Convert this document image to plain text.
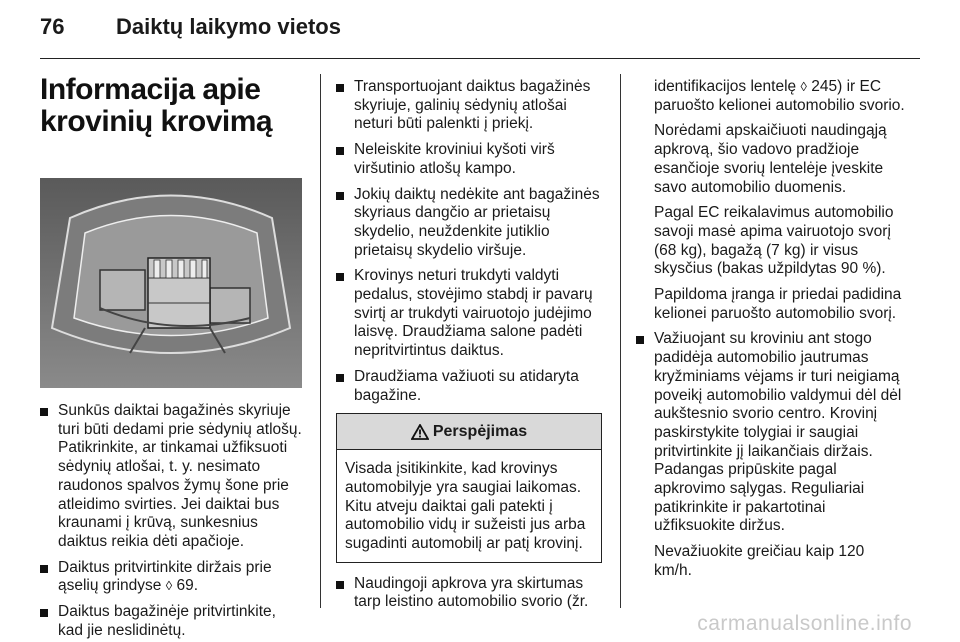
76	Daiktų laikymo vietos
Informacija apie
krovinių krovimą
Sunkūs daiktai bagažinės skyriuje turi būti dedami prie sėdynių atlošų. Patikrinkite, ar tinkamai užfiksuoti sėdynių atlošai, t. y. nesimato raudonos spalvos žymų šone prie atleidimo svirties. Jei daiktai bus kraunami į krūvą, sunkesnius daiktus reikia dėti apačioje.
Daiktus pritvirtinkite diržais prie ąselių grindyse ◊ 69.
Daiktus bagažinėje pritvirtinkite, kad jie neslidinėtų.
Transportuojant daiktus bagažinės skyriuje, galinių sėdynių atlošai neturi būti palenkti į priekį.
Neleiskite kroviniui kyšoti virš viršutinio atlošų kampo.
Jokių daiktų nedėkite ant bagažinės skyriaus dangčio ar prietaisų skydelio, neuždenkite jutiklio prietaisų skydelio viršuje.
Krovinys neturi trukdyti valdyti pedalus, stovėjimo stabdį ir pavarų svirtį ar trukdyti vairuotojo judėjimo laisvę. Draudžiama salone padėti nepritvirtintus daiktus.
Draudžiama važiuoti su atidaryta bagažine.
Perspėjimas
Visada įsitikinkite, kad krovinys automobilyje yra saugiai laikomas. Kitu atveju daiktai gali patekti į automobilio vidų ir sužeisti jus arba sugadinti automobilį ar patį krovinį.
Naudingoji apkrova yra skirtumas tarp leistino automobilio svorio (žr.
identifikacijos lentelę ◊ 245) ir EC paruošto kelionei automobilio svorio.
Norėdami apskaičiuoti naudingąją apkrovą, šio vadovo pradžioje esančioje svorių lentelėje įveskite savo automobilio duomenis.
Pagal EC reikalavimus automobilio savoji masė apima vairuotojo svorį (68 kg), bagažą (7 kg) ir visus skysčius (bakas užpildytas 90 %).
Papildoma įranga ir priedai padidina kelionei paruošto automobilio svorį.
Važiuojant su kroviniu ant stogo padidėja automobilio jautrumas kryžminiams vėjams ir turi neigiamą poveikį automobilio valdymui dėl dėl aukštesnio svorio centro. Krovinį paskirstykite tolygiai ir saugiai pritvirtinkite jį laikančiais diržais. Padangas pripūskite pagal apkrovimo sąlygas. Reguliariai patikrinkite ir pakartotinai užfiksuokite diržus.
Nevažiuokite greičiau kaip 120 km/h.
carmanualsonline.info
